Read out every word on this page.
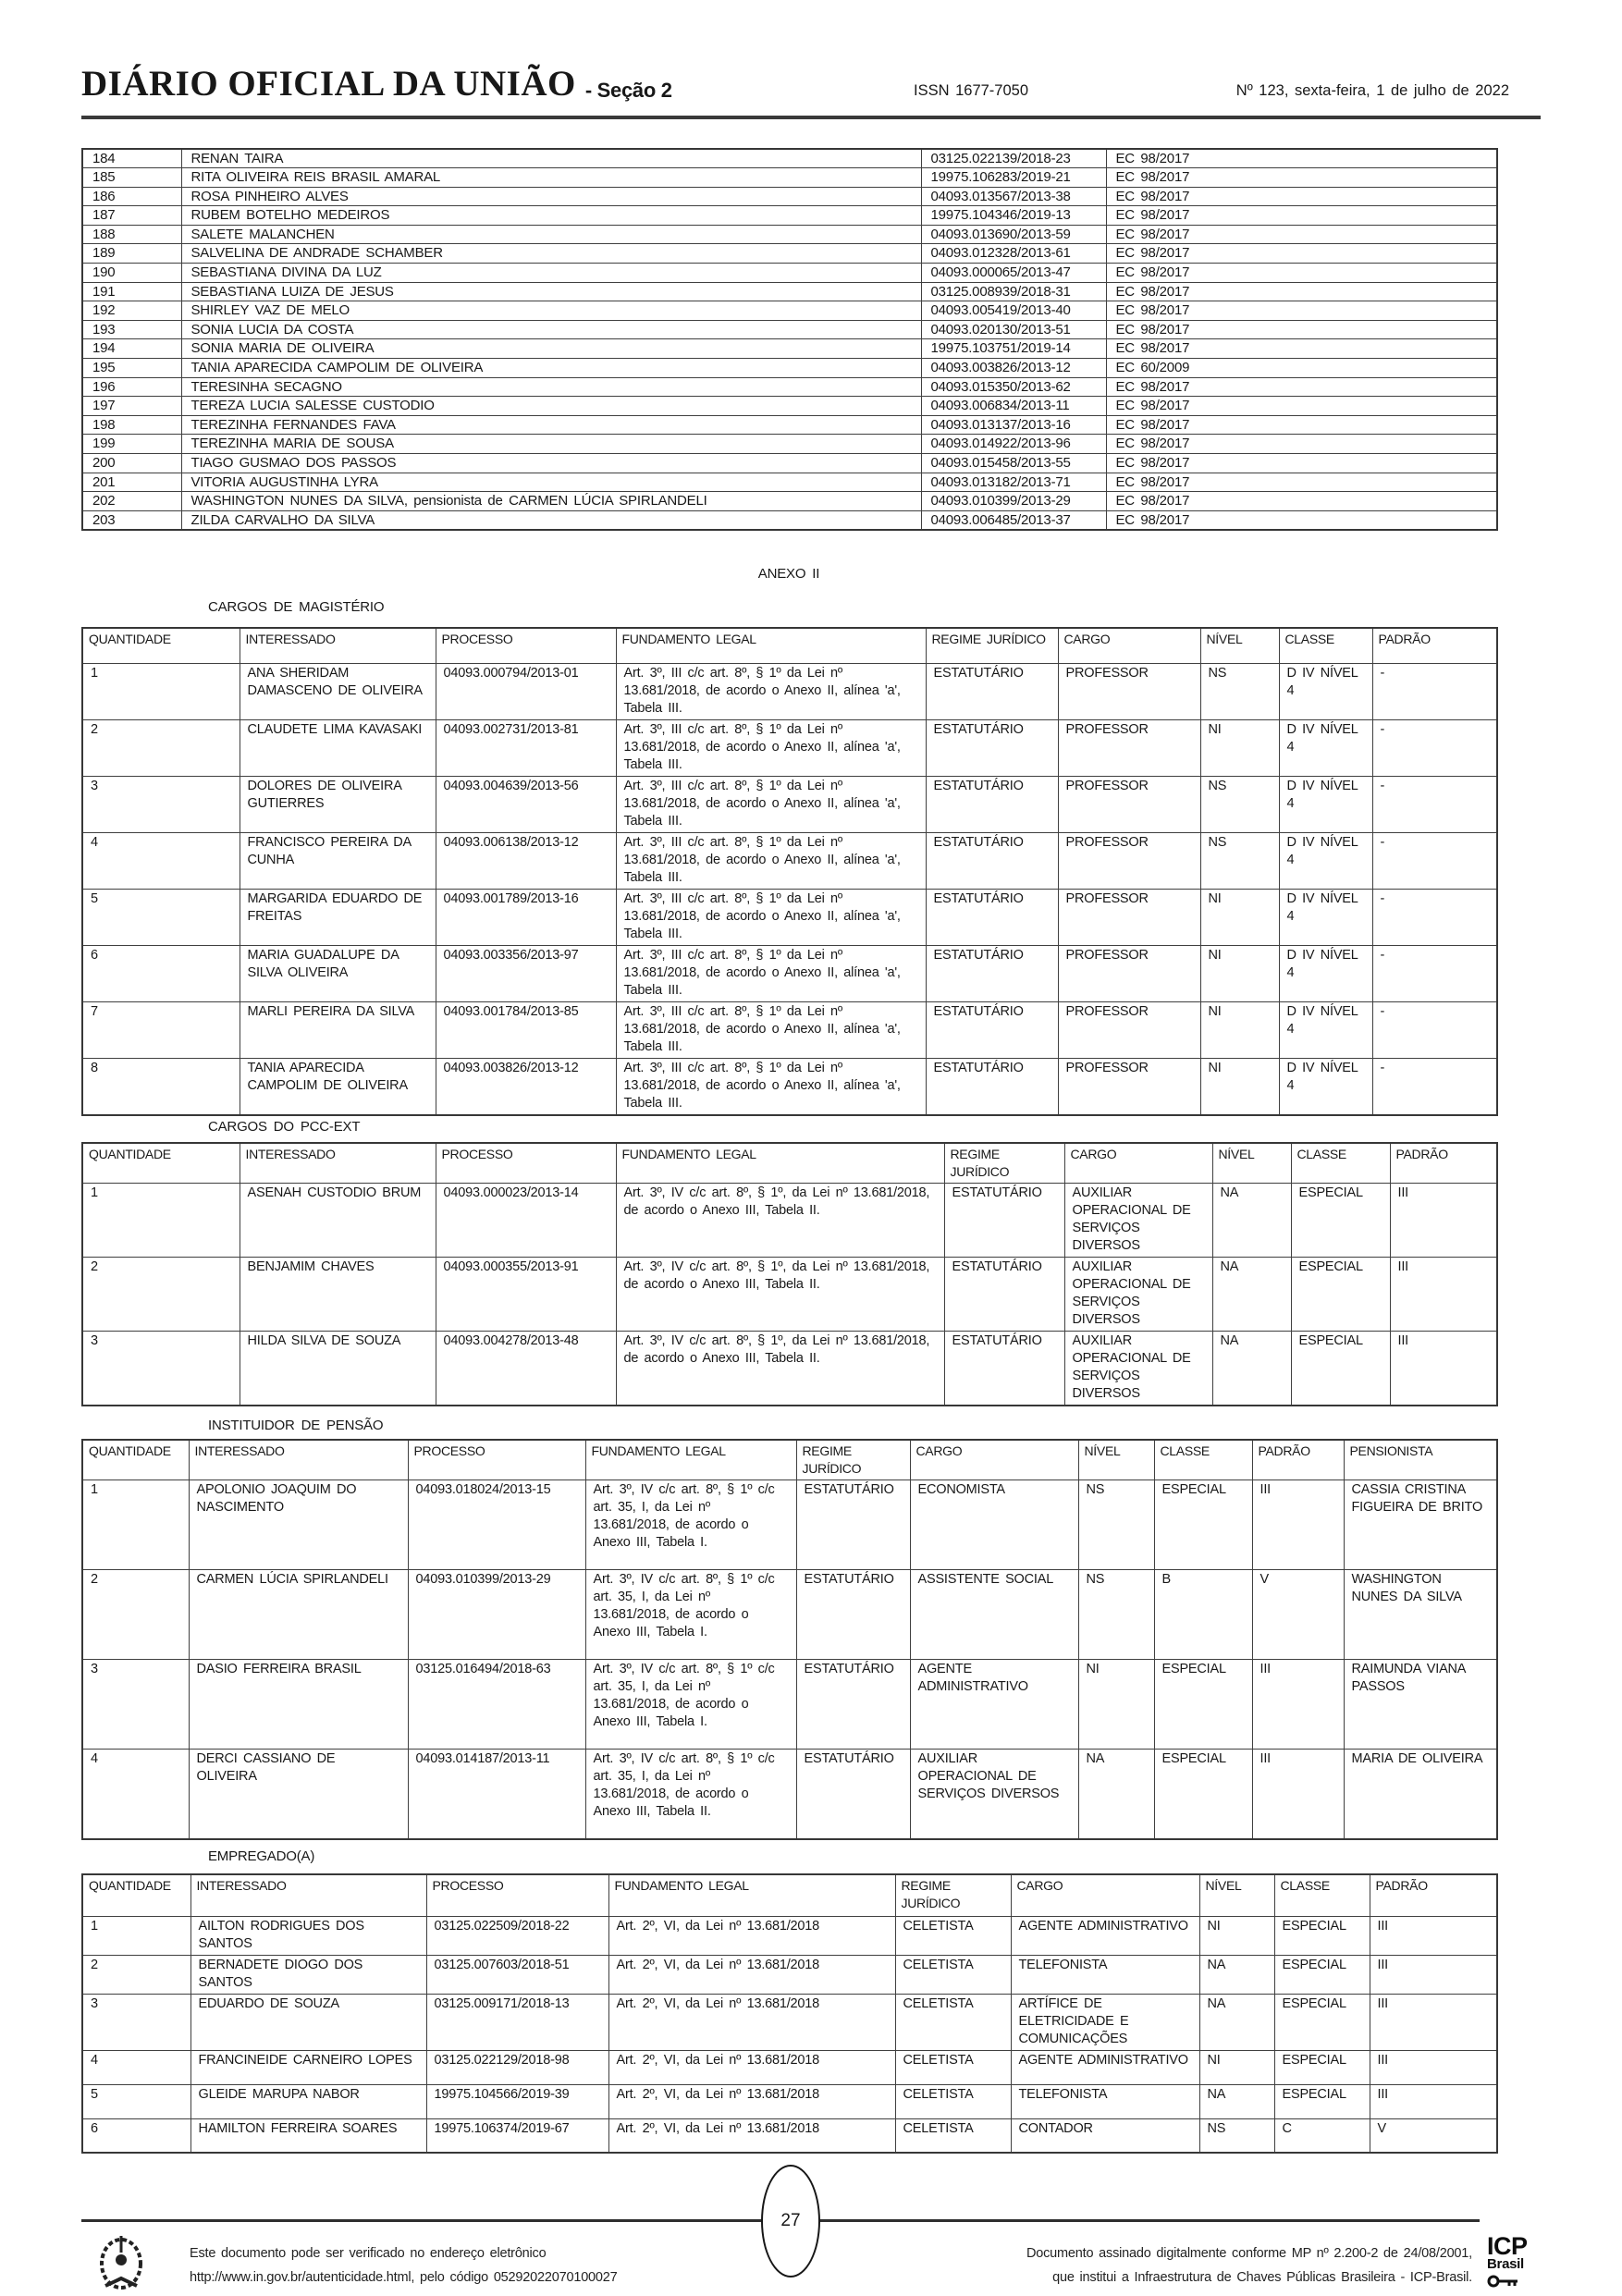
DIÁRIO OFICIAL DA UNIÃO - Seção 2	ISSN 1677-7050	Nº 123, sexta-feira, 1 de julho de 2022
184	RENAN TAIRA	03125.022139/2018-23	EC 98/2017
185	RITA OLIVEIRA REIS BRASIL AMARAL	19975.106283/2019-21	EC 98/2017
186	ROSA PINHEIRO ALVES	04093.013567/2013-38	EC 98/2017
187	RUBEM BOTELHO MEDEIROS	19975.104346/2019-13	EC 98/2017
188	SALETE MALANCHEN	04093.013690/2013-59	EC 98/2017
189	SALVELINA DE ANDRADE SCHAMBER	04093.012328/2013-61	EC 98/2017
190	SEBASTIANA DIVINA DA LUZ	04093.000065/2013-47	EC 98/2017
191	SEBASTIANA LUIZA DE JESUS	03125.008939/2018-31	EC 98/2017
192	SHIRLEY VAZ DE MELO	04093.005419/2013-40	EC 98/2017
193	SONIA LUCIA DA COSTA	04093.020130/2013-51	EC 98/2017
194	SONIA MARIA DE OLIVEIRA	19975.103751/2019-14	EC 98/2017
195	TANIA APARECIDA CAMPOLIM DE OLIVEIRA	04093.003826/2013-12	EC 60/2009
196	TERESINHA SECAGNO	04093.015350/2013-62	EC 98/2017
197	TEREZA LUCIA SALESSE CUSTODIO	04093.006834/2013-11	EC 98/2017
198	TEREZINHA FERNANDES FAVA	04093.013137/2013-16	EC 98/2017
199	TEREZINHA MARIA DE SOUSA	04093.014922/2013-96	EC 98/2017
200	TIAGO GUSMAO DOS PASSOS	04093.015458/2013-55	EC 98/2017
201	VITORIA AUGUSTINHA LYRA	04093.013182/2013-71	EC 98/2017
202	WASHINGTON NUNES DA SILVA, pensionista de CARMEN LÚCIA SPIRLANDELI	04093.010399/2013-29	EC 98/2017
203	ZILDA CARVALHO DA SILVA	04093.006485/2013-37	EC 98/2017
ANEXO II
CARGOS DE MAGISTÉRIO
QUANTIDADE	INTERESSADO	PROCESSO	FUNDAMENTO LEGAL	REGIME JURÍDICO	CARGO	NÍVEL	CLASSE	PADRÃO
1	ANA SHERIDAM DAMASCENO DE OLIVEIRA	04093.000794/2013-01	Art. 3º, III c/c art. 8º, § 1º da Lei nº 13.681/2018, de acordo o Anexo II, alínea 'a', Tabela III.	ESTATUTÁRIO	PROFESSOR	NS	D IV NÍVEL 4	-
2	CLAUDETE LIMA KAVASAKI	04093.002731/2013-81	Art. 3º, III c/c art. 8º, § 1º da Lei nº 13.681/2018, de acordo o Anexo II, alínea 'a', Tabela III.	ESTATUTÁRIO	PROFESSOR	NI	D IV NÍVEL 4	-
3	DOLORES DE OLIVEIRA GUTIERRES	04093.004639/2013-56	Art. 3º, III c/c art. 8º, § 1º da Lei nº 13.681/2018, de acordo o Anexo II, alínea 'a', Tabela III.	ESTATUTÁRIO	PROFESSOR	NS	D IV NÍVEL 4	-
4	FRANCISCO PEREIRA DA CUNHA	04093.006138/2013-12	Art. 3º, III c/c art. 8º, § 1º da Lei nº 13.681/2018, de acordo o Anexo II, alínea 'a', Tabela III.	ESTATUTÁRIO	PROFESSOR	NS	D IV NÍVEL 4	-
5	MARGARIDA EDUARDO DE FREITAS	04093.001789/2013-16	Art. 3º, III c/c art. 8º, § 1º da Lei nº 13.681/2018, de acordo o Anexo II, alínea 'a', Tabela III.	ESTATUTÁRIO	PROFESSOR	NI	D IV NÍVEL 4	-
6	MARIA GUADALUPE DA SILVA OLIVEIRA	04093.003356/2013-97	Art. 3º, III c/c art. 8º, § 1º da Lei nº 13.681/2018, de acordo o Anexo II, alínea 'a', Tabela III.	ESTATUTÁRIO	PROFESSOR	NI	D IV NÍVEL 4	-
7	MARLI PEREIRA DA SILVA	04093.001784/2013-85	Art. 3º, III c/c art. 8º, § 1º da Lei nº 13.681/2018, de acordo o Anexo II, alínea 'a', Tabela III.	ESTATUTÁRIO	PROFESSOR	NI	D IV NÍVEL 4	-
8	TANIA APARECIDA CAMPOLIM DE OLIVEIRA	04093.003826/2013-12	Art. 3º, III c/c art. 8º, § 1º da Lei nº 13.681/2018, de acordo o Anexo II, alínea 'a', Tabela III.	ESTATUTÁRIO	PROFESSOR	NI	D IV NÍVEL 4	-
CARGOS DO PCC-EXT
QUANTIDADE	INTERESSADO	PROCESSO	FUNDAMENTO LEGAL	REGIME JURÍDICO	CARGO	NÍVEL	CLASSE	PADRÃO
1	ASENAH CUSTODIO BRUM	04093.000023/2013-14	Art. 3º, IV c/c art. 8º, § 1º, da Lei nº 13.681/2018, de acordo o Anexo III, Tabela II.	ESTATUTÁRIO	AUXILIAR OPERACIONAL DE SERVIÇOS DIVERSOS	NA	ESPECIAL	III
2	BENJAMIM CHAVES	04093.000355/2013-91	Art. 3º, IV c/c art. 8º, § 1º, da Lei nº 13.681/2018, de acordo o Anexo III, Tabela II.	ESTATUTÁRIO	AUXILIAR OPERACIONAL DE SERVIÇOS DIVERSOS	NA	ESPECIAL	III
3	HILDA SILVA DE SOUZA	04093.004278/2013-48	Art. 3º, IV c/c art. 8º, § 1º, da Lei nº 13.681/2018, de acordo o Anexo III, Tabela II.	ESTATUTÁRIO	AUXILIAR OPERACIONAL DE SERVIÇOS DIVERSOS	NA	ESPECIAL	III
INSTITUIDOR DE PENSÃO
QUANTIDADE	INTERESSADO	PROCESSO	FUNDAMENTO LEGAL	REGIME JURÍDICO	CARGO	NÍVEL	CLASSE	PADRÃO	PENSIONISTA
1	APOLONIO JOAQUIM DO NASCIMENTO	04093.018024/2013-15	Art. 3º, IV c/c art. 8º, § 1º c/c art. 35, I, da Lei nº 13.681/2018, de acordo o Anexo III, Tabela I.	ESTATUTÁRIO	ECONOMISTA	NS	ESPECIAL	III	CASSIA CRISTINA FIGUEIRA DE BRITO
2	CARMEN LÚCIA SPIRLANDELI	04093.010399/2013-29	Art. 3º, IV c/c art. 8º, § 1º c/c art. 35, I, da Lei nº 13.681/2018, de acordo o Anexo III, Tabela I.	ESTATUTÁRIO	ASSISTENTE SOCIAL	NS	B	V	WASHINGTON NUNES DA SILVA
3	DASIO FERREIRA BRASIL	03125.016494/2018-63	Art. 3º, IV c/c art. 8º, § 1º c/c art. 35, I, da Lei nº 13.681/2018, de acordo o Anexo III, Tabela I.	ESTATUTÁRIO	AGENTE ADMINISTRATIVO	NI	ESPECIAL	III	RAIMUNDA VIANA PASSOS
4	DERCI CASSIANO DE OLIVEIRA	04093.014187/2013-11	Art. 3º, IV c/c art. 8º, § 1º c/c art. 35, I, da Lei nº 13.681/2018, de acordo o Anexo III, Tabela II.	ESTATUTÁRIO	AUXILIAR OPERACIONAL DE SERVIÇOS DIVERSOS	NA	ESPECIAL	III	MARIA DE OLIVEIRA
EMPREGADO(A)
QUANTIDADE	INTERESSADO	PROCESSO	FUNDAMENTO LEGAL	REGIME JURÍDICO	CARGO	NÍVEL	CLASSE	PADRÃO
1	AILTON RODRIGUES DOS SANTOS	03125.022509/2018-22	Art. 2º, VI, da Lei nº 13.681/2018	CELETISTA	AGENTE ADMINISTRATIVO	NI	ESPECIAL	III
2	BERNADETE DIOGO DOS SANTOS	03125.007603/2018-51	Art. 2º, VI, da Lei nº 13.681/2018	CELETISTA	TELEFONISTA	NA	ESPECIAL	III
3	EDUARDO DE SOUZA	03125.009171/2018-13	Art. 2º, VI, da Lei nº 13.681/2018	CELETISTA	ARTÍFICE DE ELETRICIDADE E COMUNICAÇÕES	NA	ESPECIAL	III
4	FRANCINEIDE CARNEIRO LOPES	03125.022129/2018-98	Art. 2º, VI, da Lei nº 13.681/2018	CELETISTA	AGENTE ADMINISTRATIVO	NI	ESPECIAL	III
5	GLEIDE MARUPA NABOR	19975.104566/2019-39	Art. 2º, VI, da Lei nº 13.681/2018	CELETISTA	TELEFONISTA	NA	ESPECIAL	III
6	HAMILTON FERREIRA SOARES	19975.106374/2019-67	Art. 2º, VI, da Lei nº 13.681/2018	CELETISTA	CONTADOR	NS	C	V
27
Este documento pode ser verificado no endereço eletrônico
http://www.in.gov.br/autenticidade.html, pelo código 05292022070100027
Documento assinado digitalmente conforme MP nº 2.200-2 de 24/08/2001,
que institui a Infraestrutura de Chaves Públicas Brasileira - ICP-Brasil.
ICP
Brasil
